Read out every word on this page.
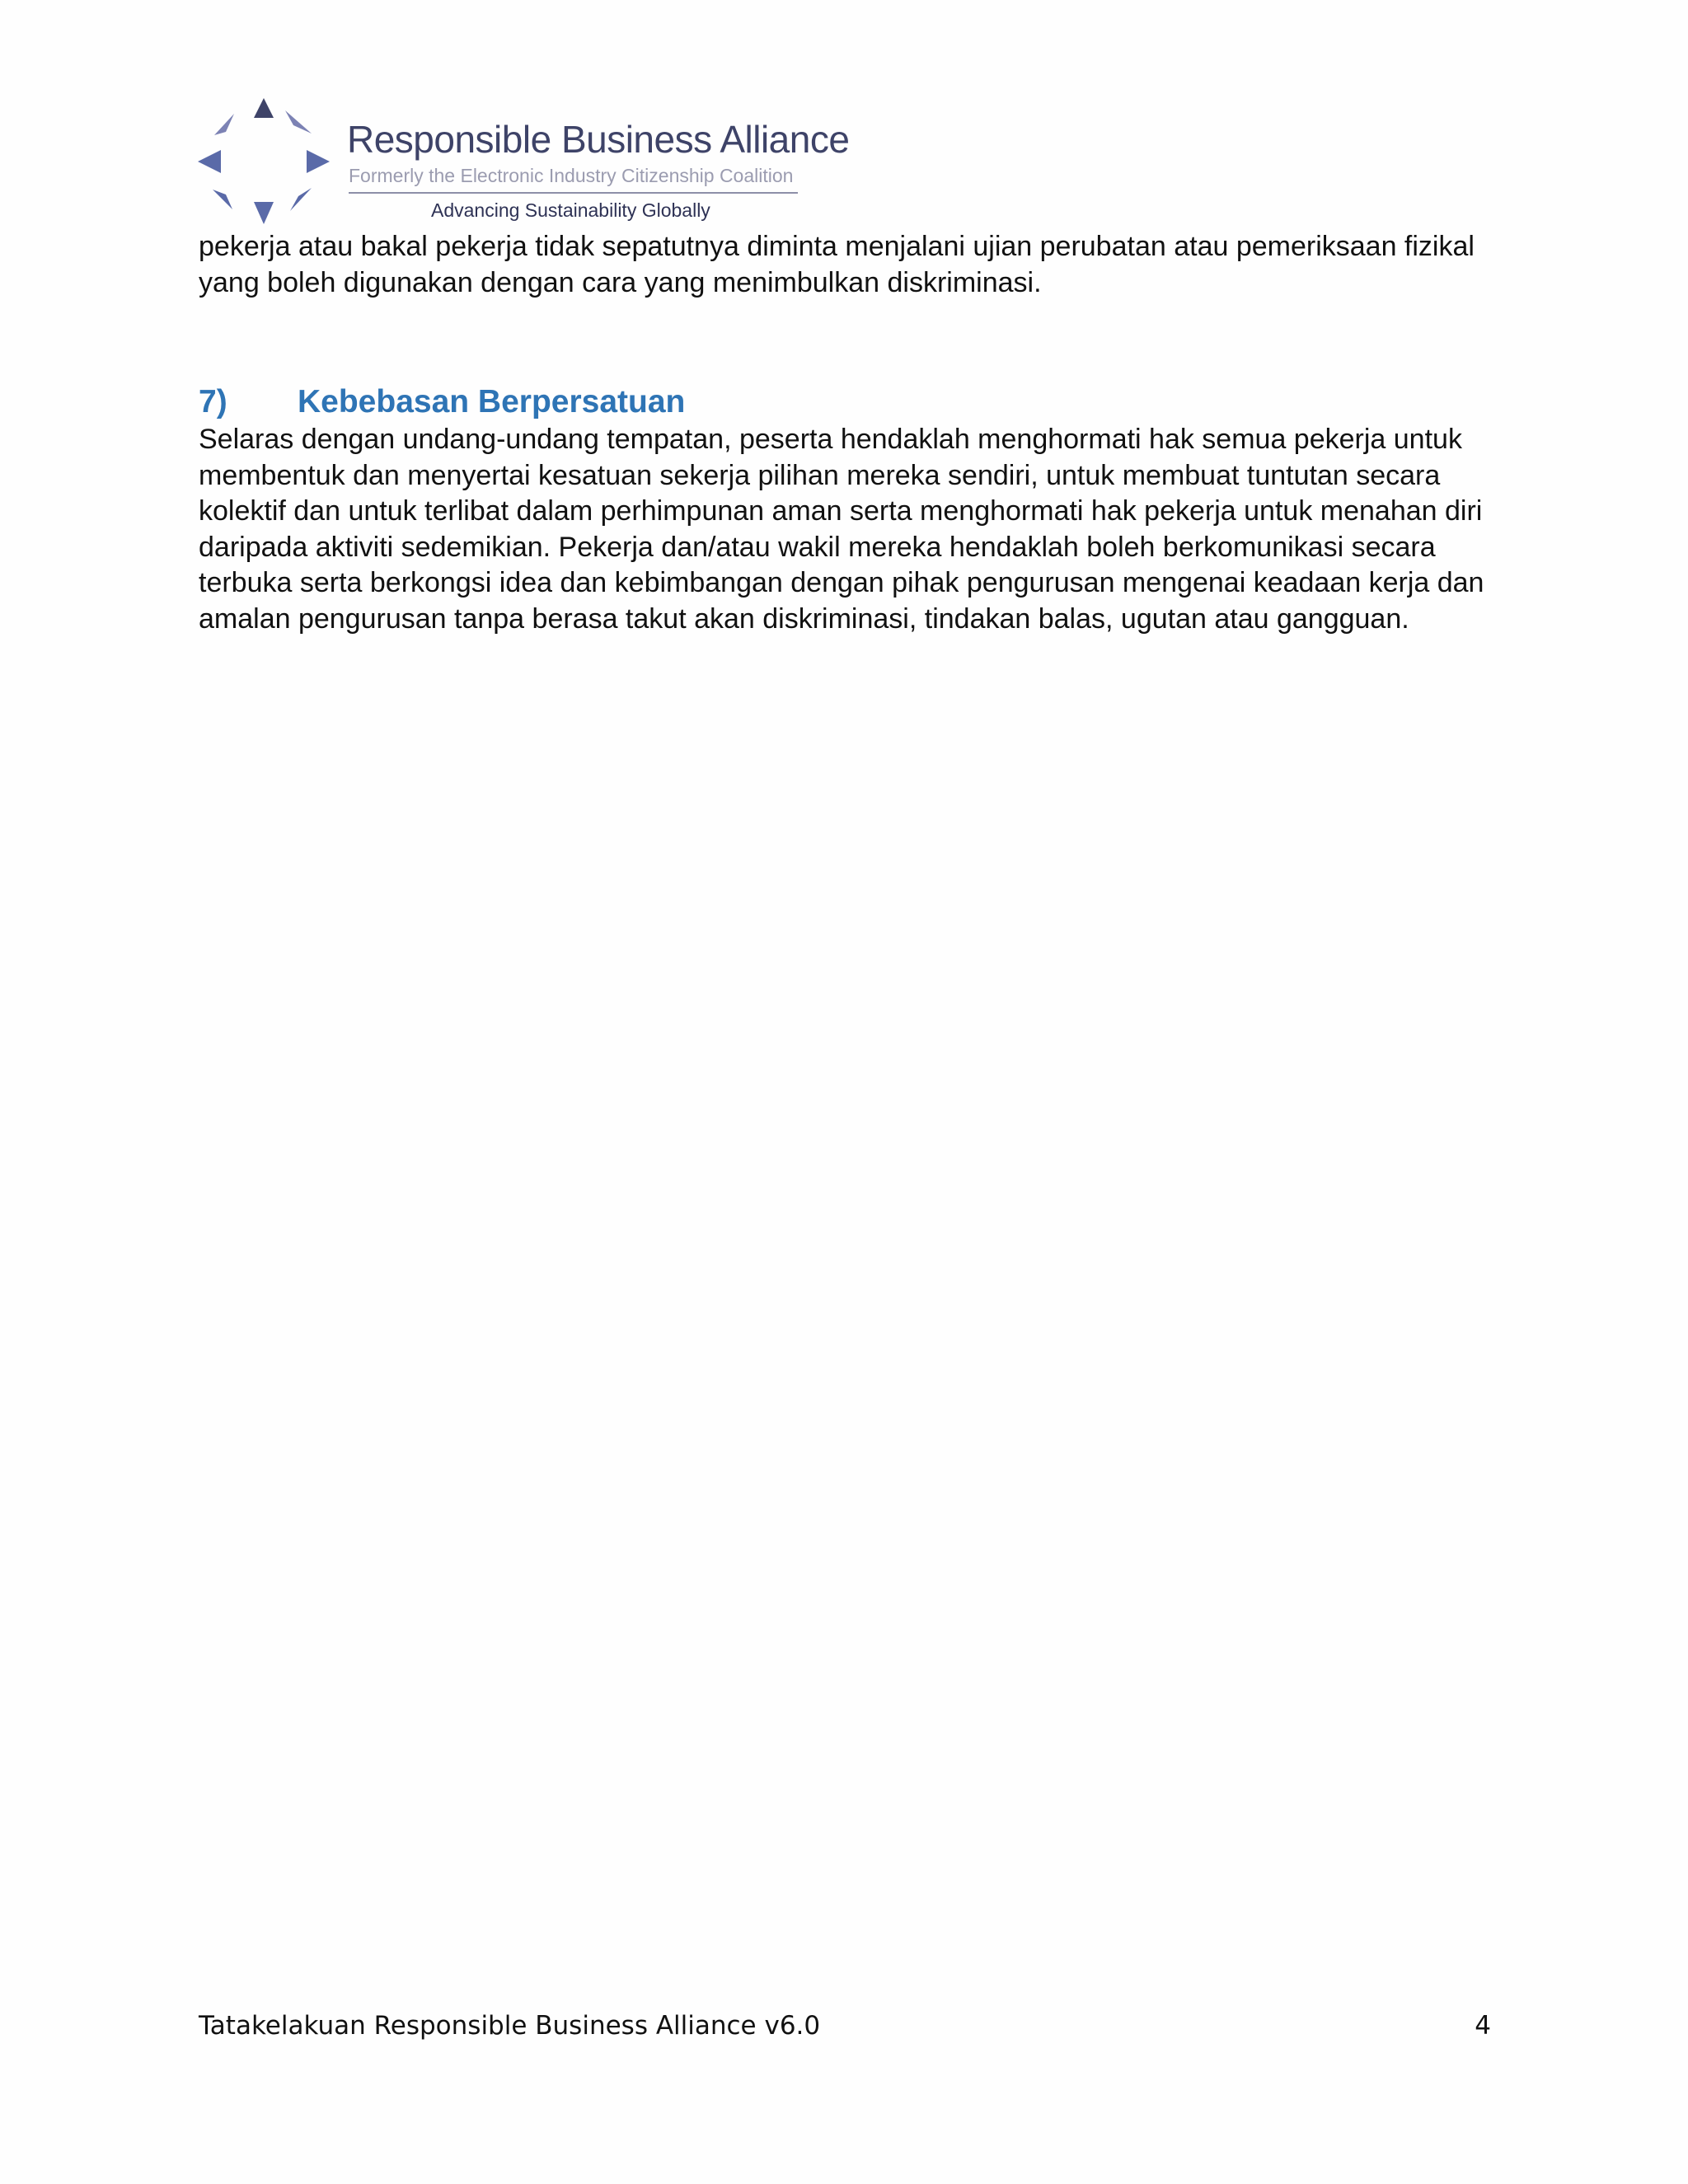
Responsible Business Alliance
Formerly the Electronic Industry Citizenship Coalition
Advancing Sustainability Globally

pekerja atau bakal pekerja tidak sepatutnya diminta menjalani ujian perubatan atau pemeriksaan fizikal yang boleh digunakan dengan cara yang menimbulkan diskriminasi.

7)	Kebebasan Berpersatuan

Selaras dengan undang-undang tempatan, peserta hendaklah menghormati hak semua pekerja untuk membentuk dan menyertai kesatuan sekerja pilihan mereka sendiri, untuk membuat tuntutan secara kolektif dan untuk terlibat dalam perhimpunan aman serta menghormati hak pekerja untuk menahan diri daripada aktiviti sedemikian. Pekerja dan/atau wakil mereka hendaklah boleh berkomunikasi secara terbuka serta berkongsi idea dan kebimbangan dengan pihak pengurusan mengenai keadaan kerja dan amalan pengurusan tanpa berasa takut akan diskriminasi, tindakan balas, ugutan atau gangguan.

Tatakelakuan Responsible Business Alliance v6.0	4
